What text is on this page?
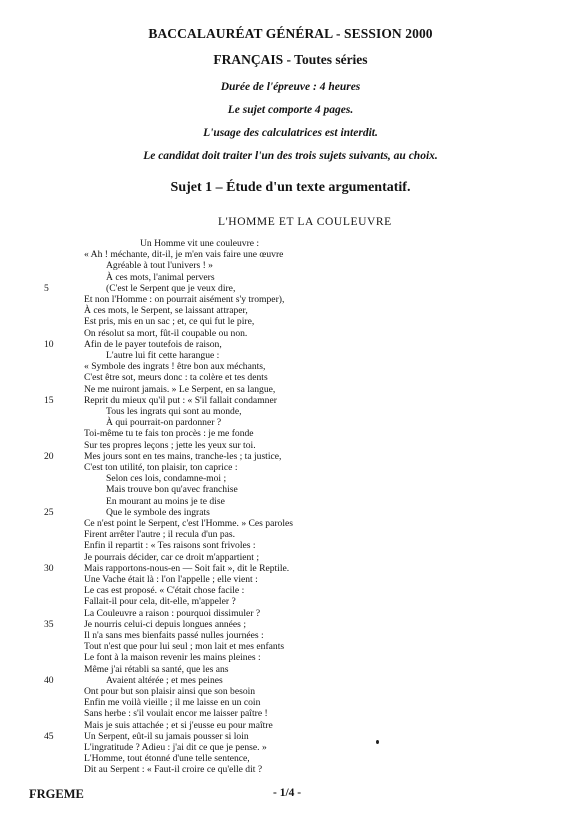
BACCALAURÉAT GÉNÉRAL - SESSION 2000
FRANÇAIS - Toutes séries
Durée de l'épreuve : 4 heures
Le sujet comporte 4 pages.
L'usage des calculatrices est interdit.
Le candidat doit traiter l'un des trois sujets suivants, au choix.
Sujet 1 – Étude d'un texte argumentatif.
L'HOMME ET LA COULEUVRE
Un Homme vit une couleuvre :
« Ah ! méchante, dit-il, je m'en vais faire une œuvre
Agréable à tout l'univers ! »
À ces mots, l'animal pervers
(C'est le Serpent que je veux dire,
Et non l'Homme : on pourrait aisément s'y tromper),
À ces mots, le Serpent, se laissant attraper,
Est pris, mis en un sac ; et, ce qui fut le pire,
On résolut sa mort, fût-il coupable ou non.
Afin de le payer toutefois de raison,
L'autre lui fit cette harangue :
« Symbole des ingrats ! être bon aux méchants,
C'est être sot, meurs donc : ta colère et tes dents
Ne me nuiront jamais. » Le Serpent, en sa langue,
Reprit du mieux qu'il put : « S'il fallait condamner
Tous les ingrats qui sont au monde,
À qui pourrait-on pardonner ?
Toi-même tu te fais ton procès : je me fonde
Sur tes propres leçons ; jette les yeux sur toi.
Mes jours sont en tes mains, tranche-les ; ta justice,
C'est ton utilité, ton plaisir, ton caprice :
Selon ces lois, condamne-moi ;
Mais trouve bon qu'avec franchise
En mourant au moins je te dise
Que le symbole des ingrats
Ce n'est point le Serpent, c'est l'Homme. » Ces paroles
Firent arrêter l'autre ; il recula d'un pas.
Enfin il repartit : « Tes raisons sont frivoles :
Je pourrais décider, car ce droit m'appartient ;
Mais rapportons-nous-en — Soit fait », dit le Reptile.
Une Vache était là : l'on l'appelle ; elle vient :
Le cas est proposé. « C'était chose facile :
Fallait-il pour cela, dit-elle, m'appeler ?
La Couleuvre a raison : pourquoi dissimuler ?
Je nourris celui-ci depuis longues années ;
Il n'a sans mes bienfaits passé nulles journées :
Tout n'est que pour lui seul ; mon lait et mes enfants
Le font à la maison revenir les mains pleines :
Même j'ai rétabli sa santé, que les ans
Avaient altérée ; et mes peines
Ont pour but son plaisir ainsi que son besoin
Enfin me voilà vieille ; il me laisse en un coin
Sans herbe : s'il voulait encor me laisser paître !
Mais je suis attachée ; et si j'eusse eu pour maître
Un Serpent, eût-il su jamais pousser si loin
L'ingratitude ? Adieu : j'ai dit ce que je pense. »
L'Homme, tout étonné d'une telle sentence,
Dit au Serpent : « Faut-il croire ce qu'elle dit ?
5
10
15
20
25
30
35
40
45
FRGEME	- 1/4 -
